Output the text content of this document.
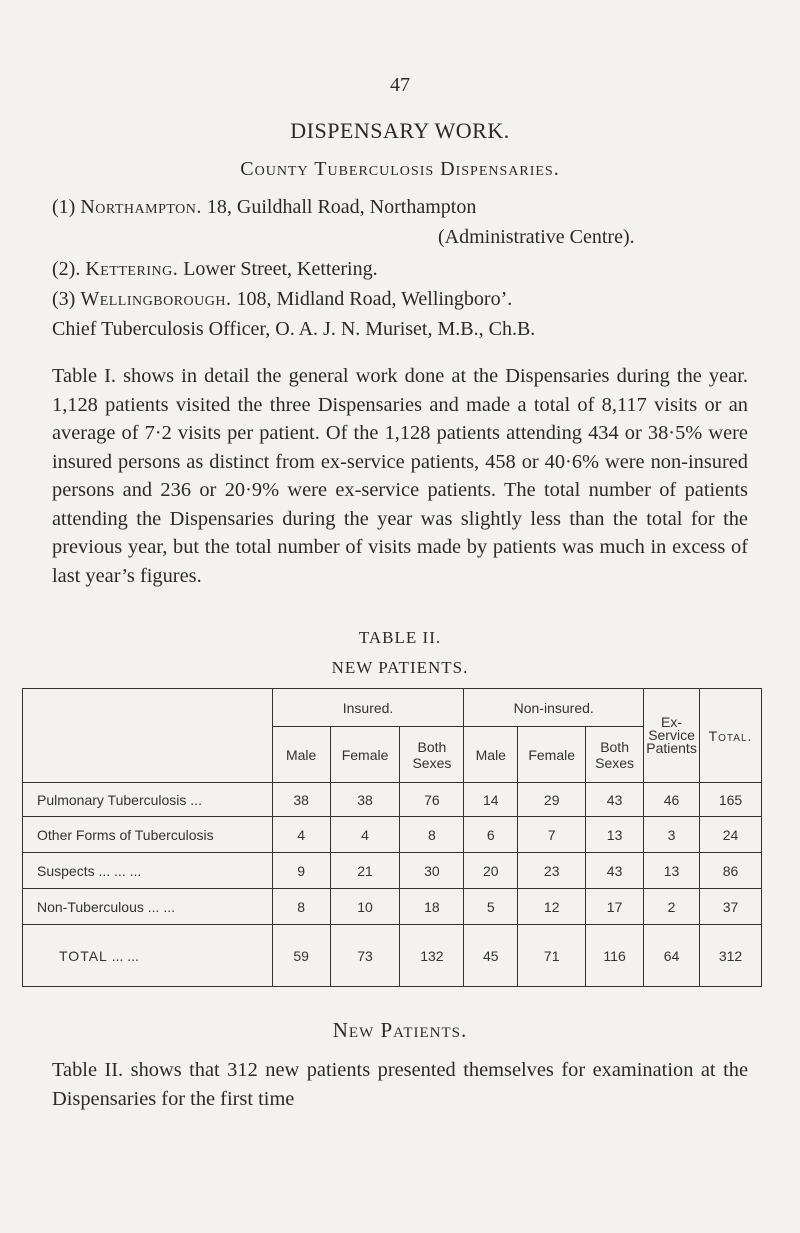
47
DISPENSARY WORK.
County Tuberculosis Dispensaries.
(1) Northampton. 18, Guildhall Road, Northampton
(Administrative Centre).
(2). Kettering. Lower Street, Kettering.
(3) Wellingborough. 108, Midland Road, Wellingboro’.
Chief Tuberculosis Officer, O. A. J. N. Muriset, M.B., Ch.B.

Table I. shows in detail the general work done at the Dispensaries during the year. 1,128 patients visited the three Dispensaries and made a total of 8,117 visits or an average of 7·2 visits per patient. Of the 1,128 patients attending 434 or 38·5% were insured persons as distinct from ex-service patients, 458 or 40·6% were non-insured persons and 236 or 20·9% were ex-service patients. The total number of patients attending the Dispensaries during the year was slightly less than the total for the previous year, but the total number of visits made by patients was much in excess of last year’s figures.

TABLE II.
NEW PATIENTS.
	Insured.			Non-insured.			Ex-Service Patients	Total.
	Male	Female	Both Sexes	Male	Female	Both Sexes		
Pulmonary Tuberculosis ...	38	38	76	14	29	43	46	165
Other Forms of Tuberculosis	4	4	8	6	7	13	3	24
Suspects ... ... ...	9	21	30	20	23	43	13	86
Non-Tuberculous ... ...	8	10	18	5	12	17	2	37
TOTAL ... ...	59	73	132	45	71	116	64	312
New Patients.

Table II. shows that 312 new patients presented themselves for examination at the Dispensaries for the first time
